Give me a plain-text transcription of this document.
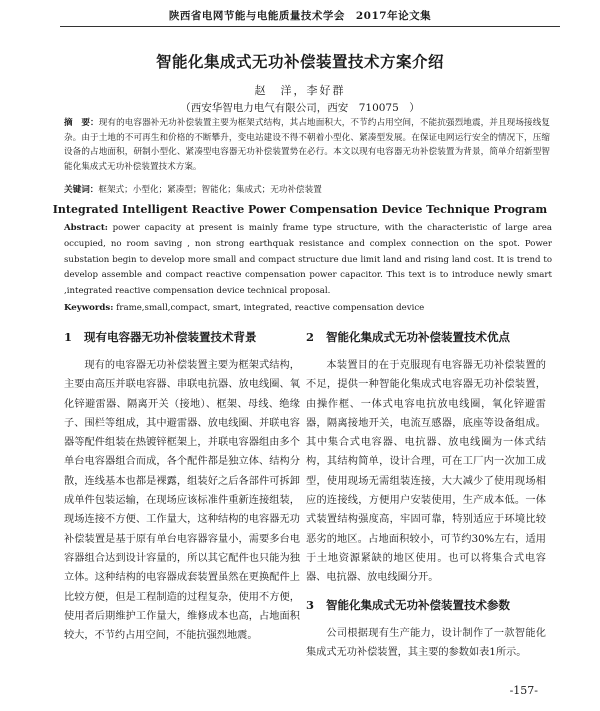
陕西省电网节能与电能质量技术学会　2017年论文集
智能化集成式无功补偿装置技术方案介绍
赵　洋，李好群
（西安华智电力电气有限公司，西安　710075　）
摘　要：现有的电容器补无功补偿装置主要为框架式结构，其占地面积大，不节约占用空间，不能抗强烈地震，并且现场接线复杂。由于土地的不可再生和价格的不断攀升，变电站建设不得不朝着小型化、紧凑型发展。在保证电网运行安全的情况下，压缩设备的占地面积，研制小型化、紧凑型电容器无功补偿装置势在必行。本文以现有电容器无功补偿装置为背景，简单介绍新型智能化集成式无功补偿装置技术方案。
关键词：框架式；小型化；紧凑型；智能化；集成式；无功补偿装置
Integrated Intelligent Reactive Power Compensation Device Technique Program
Abstract: power capacity at present is mainly frame type structure, with the characteristic of large area occupied, no room saving , non strong earthquak resistance and complex connection on the spot. Power substation begin to develop more small and compact structure due limit land and rising land cost. It is trend to develop assemble and compact reactive compensation power capacitor. This text is to introduce newly smart ,integrated reactive compensation device technical proposal.
Keywords: frame,small,compact, smart, integrated, reactive compensation device
1 现有电容器无功补偿装置技术背景

现有的电容器无功补偿装置主要为框架式结构，主要由高压并联电容器、串联电抗器、放电线圈、氧化锌避雷器、隔离开关（接地）、框架、母线、绝缘子、围栏等组成，其中避雷器、放电线圈、并联电容器等配件组装在热镀锌框架上，并联电容器组由多个单台电容器组合而成，各个配件都是独立体、结构分散，连线基本也都是裸露，组装好之后各部件可拆卸成单件包装运输，在现场应该标准件重新连接组装，现场连接不方便、工作量大，这种结构的电容器无功补偿装置是基于原有单台电容器容量小，需要多台电容器组合达到设计容量的，所以其它配件也只能为独立体。这种结构的电容器成套装置虽然在更换配件上比较方便，但是工程制造的过程复杂，使用不方便，使用者后期维护工作量大，维修成本也高，占地面积较大，不节约占用空间，不能抗强烈地震。

2 智能化集成式无功补偿装置技术优点

本装置目的在于克服现有电容器无功补偿装置的不足，提供一种智能化集成式电容器无功补偿装置，由操作框、一体式电容电抗放电线圈，氧化锌避雷器，隔离接地开关，电流互感器，底座等设备组成。其中集合式电容器、电抗器、放电线圈为一体式结构，其结构简单，设计合理，可在工厂内一次加工成型，使用现场无需组装连接，大大减少了使用现场相应的连接线，方便用户安装使用，生产成本低。一体式装置结构强度高，牢固可靠，特别适应于环境比较恶劣的地区。占地面积较小，可节约30%左右，适用于土地资源紧缺的地区使用。也可以将集合式电容器、电抗器、放电线圈分开。

3 智能化集成式无功补偿装置技术参数

公司根据现有生产能力，设计制作了一款智能化集成式无功补偿装置，其主要的参数如表1所示。

-157-
